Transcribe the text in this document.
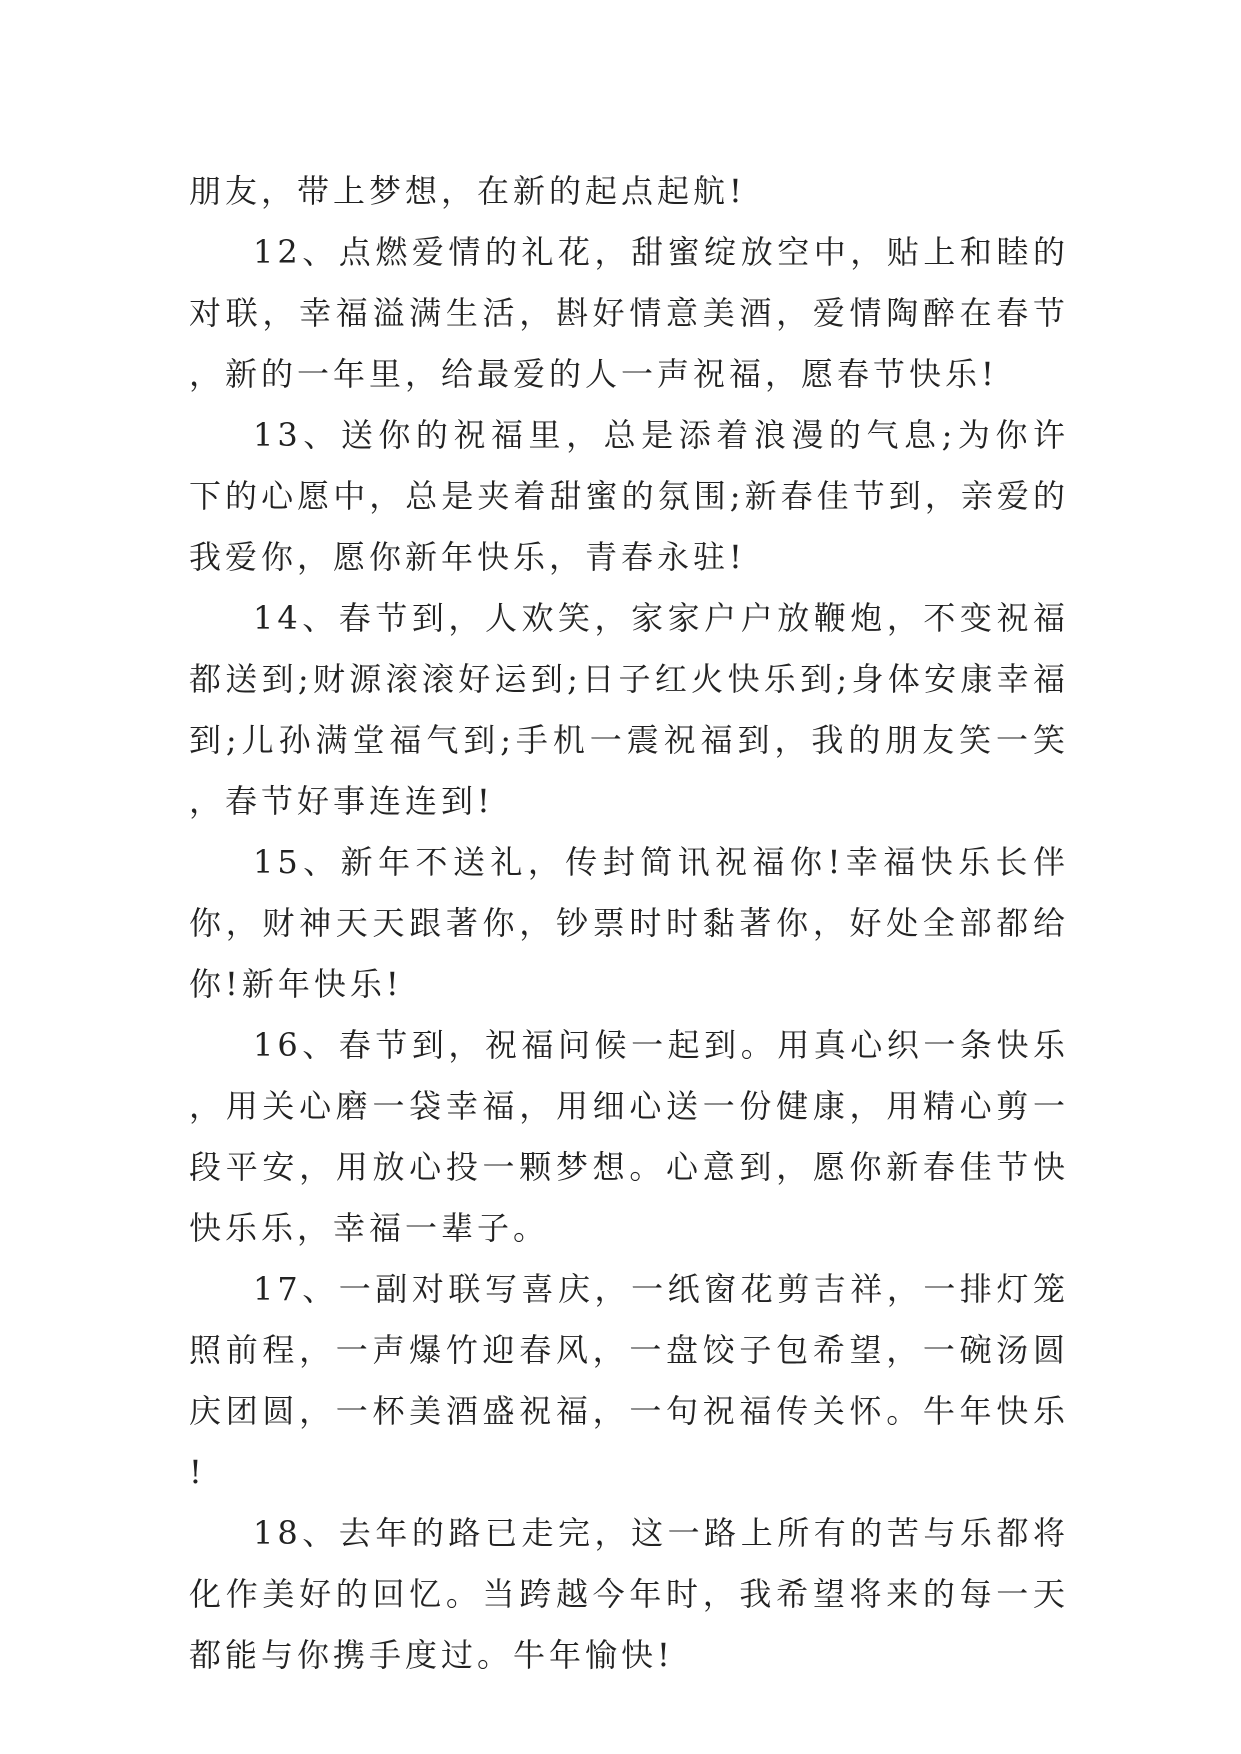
朋友，带上梦想，在新的起点起航!

12、点燃爱情的礼花，甜蜜绽放空中，贴上和睦的对联，幸福溢满生活，斟好情意美酒，爱情陶醉在春节，新的一年里，给最爱的人一声祝福，愿春节快乐!

13、送你的祝福里，总是添着浪漫的气息;为你许下的心愿中，总是夹着甜蜜的氛围;新春佳节到，亲爱的我爱你，愿你新年快乐，青春永驻!

14、春节到，人欢笑，家家户户放鞭炮，不变祝福都送到;财源滚滚好运到;日子红火快乐到;身体安康幸福到;儿孙满堂福气到;手机一震祝福到，我的朋友笑一笑，春节好事连连到!

15、新年不送礼，传封简讯祝福你!幸福快乐长伴你，财神天天跟著你，钞票时时黏著你，好处全部都给你!新年快乐!

16、春节到，祝福问候一起到。用真心织一条快乐，用关心磨一袋幸福，用细心送一份健康，用精心剪一段平安，用放心投一颗梦想。心意到，愿你新春佳节快快乐乐，幸福一辈子。

17、一副对联写喜庆，一纸窗花剪吉祥，一排灯笼照前程，一声爆竹迎春风，一盘饺子包希望，一碗汤圆庆团圆，一杯美酒盛祝福，一句祝福传关怀。牛年快乐!

18、去年的路已走完，这一路上所有的苦与乐都将化作美好的回忆。当跨越今年时，我希望将来的每一天都能与你携手度过。牛年愉快!
